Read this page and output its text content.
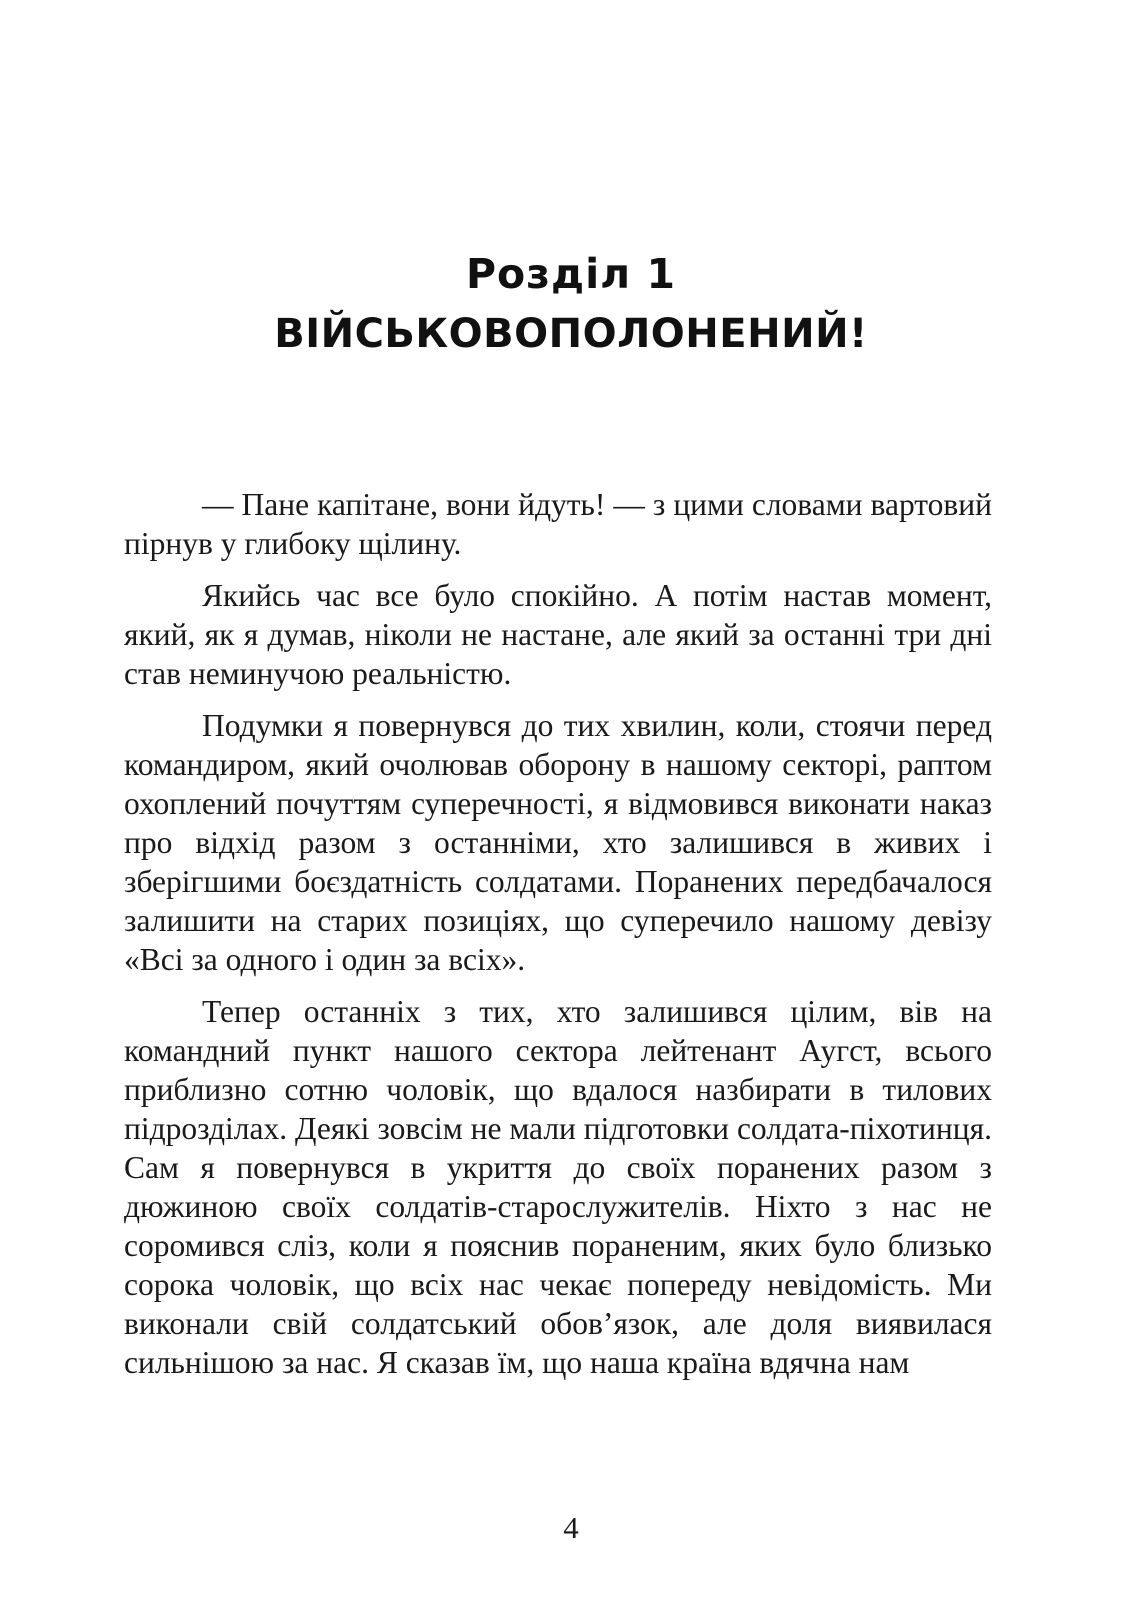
Розділ 1
ВІЙСЬКОВОПОЛОНЕНИЙ!

— Пане капітане, вони йдуть! — з цими словами вартовий пірнув у глибоку щілину.

Якийсь час все було спокійно. А потім настав момент, який, як я думав, ніколи не настане, але який за останні три дні став неминучою реальністю.

Подумки я повернувся до тих хвилин, коли, стоячи перед командиром, який очолював оборону в нашому секторі, раптом охоплений почуттям суперечності, я відмовився виконати наказ про відхід разом з останніми, хто залишився в живих і зберігшими боєздатність солдатами. Поранених передбачалося залишити на старих позиціях, що суперечило нашому девізу «Всі за одного і один за всіх».

Тепер останніх з тих, хто залишився цілим, вів на командний пункт нашого сектора лейтенант Аугст, всього приблизно сотню чоловік, що вдалося назбирати в тилових підрозділах. Деякі зовсім не мали підготовки солдата-піхотинця. Сам я повернувся в укриття до своїх поранених разом з дюжиною своїх солдатів-старослужителів. Ніхто з нас не соромився сліз, коли я пояснив пораненим, яких було близько сорока чоловік, що всіх нас чекає попереду невідомість. Ми виконали свій солдатський обов’язок, але доля виявилася сильнішою за нас. Я сказав їм, що наша країна вдячна нам

4
